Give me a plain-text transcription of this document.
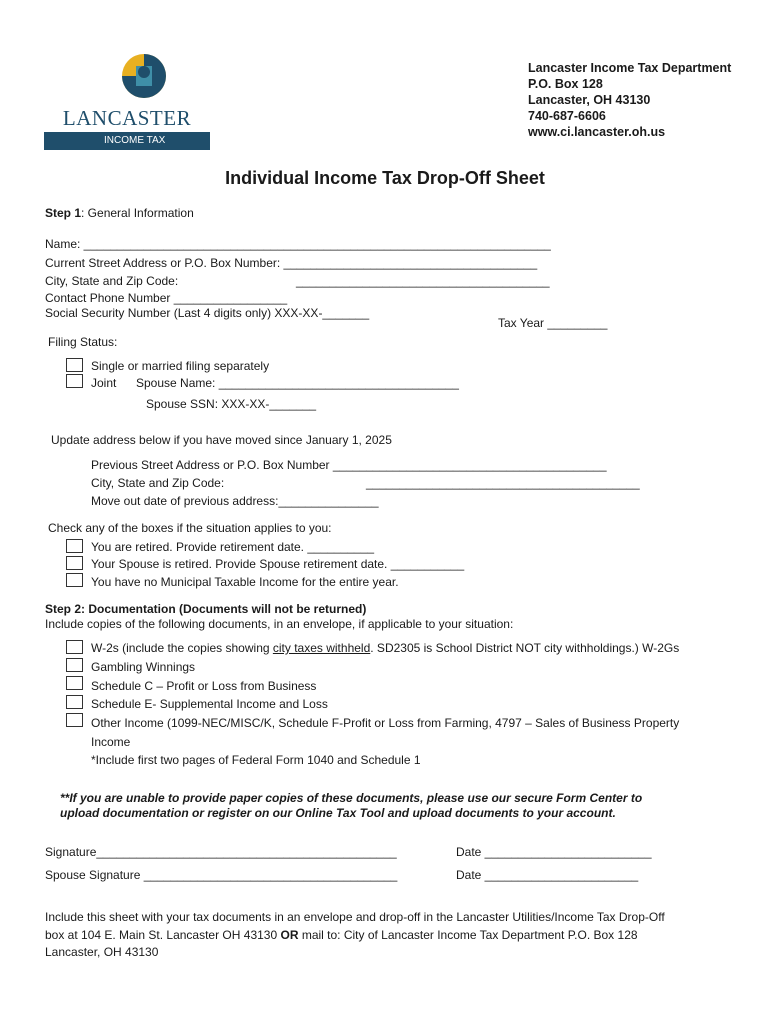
LANCASTER
INCOME TAX
Lancaster Income Tax Department
P.O. Box 128
Lancaster, OH 43130
740-687-6606
www.ci.lancaster.oh.us
Individual Income Tax Drop-Off Sheet
Step 1: General Information
Name: ______________________________________________________________________
Current Street Address or P.O. Box Number: ______________________________________
City, State and Zip Code:	______________________________________
Contact Phone Number _________________
Social Security Number (Last 4 digits only) XXX-XX-_______
Tax Year _________
Filing Status:
Single or married filing separately
Joint Spouse Name: ____________________________________
Spouse SSN: XXX-XX-_______
Update address below if you have moved since January 1, 2025
Previous Street Address or P.O. Box Number _________________________________________
City, State and Zip Code:	_________________________________________
Move out date of previous address:_______________
Check any of the boxes if the situation applies to you:
You are retired. Provide retirement date. __________
Your Spouse is retired. Provide Spouse retirement date. ___________
You have no Municipal Taxable Income for the entire year.
Step 2: Documentation (Documents will not be returned)
Include copies of the following documents, in an envelope, if applicable to your situation:
W-2s (include the copies showing city taxes withheld. SD2305 is School District NOT city withholdings.) W-2Gs
Gambling Winnings
Schedule C – Profit or Loss from Business
Schedule E- Supplemental Income and Loss
Other Income (1099-NEC/MISC/K, Schedule F-Profit or Loss from Farming, 4797 – Sales of Business Property
Income
*Include first two pages of Federal Form 1040 and Schedule 1
**If you are unable to provide paper copies of these documents, please use our secure Form Center to
upload documentation or register on our Online Tax Tool and upload documents to your account.
Signature_____________________________________________	Date _________________________
Spouse Signature ______________________________________	Date _______________________
Include this sheet with your tax documents in an envelope and drop-off in the Lancaster Utilities/Income Tax Drop-Off
box at 104 E. Main St. Lancaster OH 43130 OR mail to: City of Lancaster Income Tax Department P.O. Box 128
Lancaster, OH 43130
